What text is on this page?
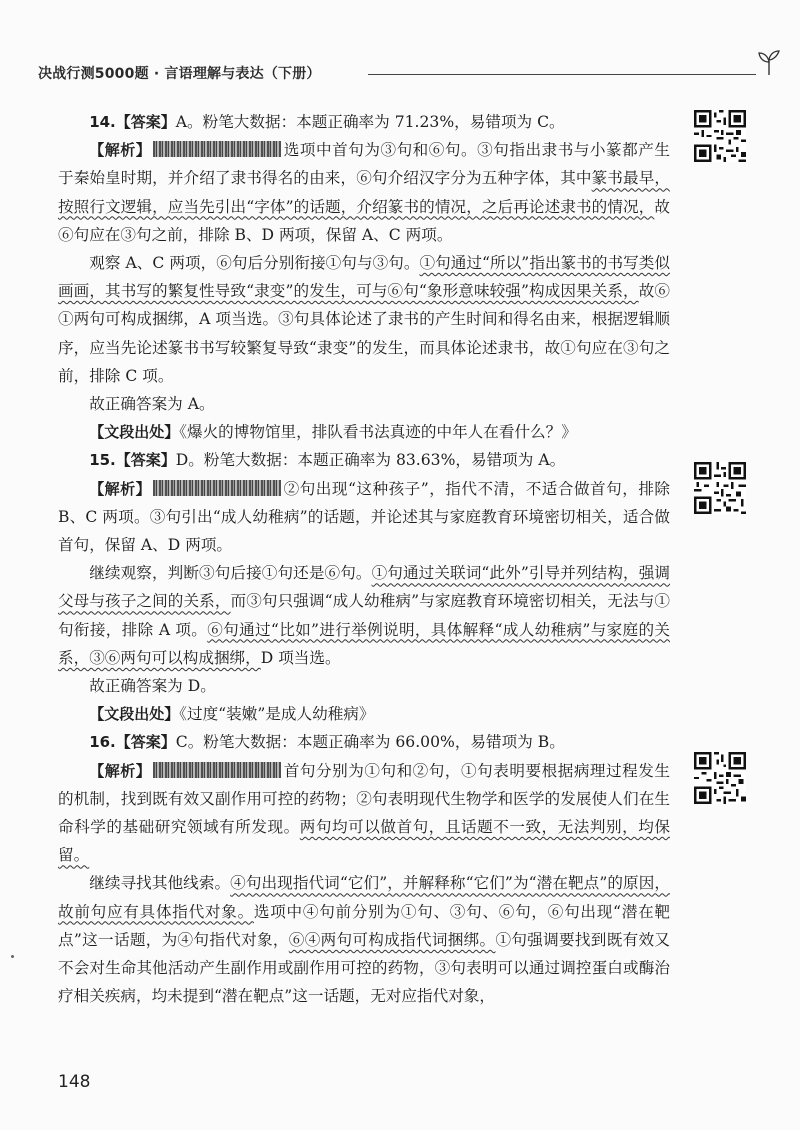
决战行测5000题 · 言语理解与表达（下册）

14.【答案】A。粉笔大数据：本题正确率为 71.23%，易错项为 C。

【解析】	选项中首句为③句和⑥句。③句指出隶书与小篆都产生于秦始皇时期，并介绍了隶书得名的由来，⑥句介绍汉字分为五种字体，其中篆书最早，按照行文逻辑，应当先引出“字体”的话题，介绍篆书的情况，之后再论述隶书的情况，故⑥句应在③句之前，排除 B、D 两项，保留 A、C 两项。

观察 A、C 两项，⑥句后分别衔接①句与③句。①句通过“所以”指出篆书的书写类似画画，其书写的繁复性导致“隶变”的发生，可与⑥句“象形意味较强”构成因果关系，故⑥①两句可构成捆绑，A 项当选。③句具体论述了隶书的产生时间和得名由来，根据逻辑顺序，应当先论述篆书书写较繁复导致“隶变”的发生，而具体论述隶书，故①句应在③句之前，排除 C 项。

故正确答案为 A。

【文段出处】《爆火的博物馆里，排队看书法真迹的中年人在看什么？》

15.【答案】D。粉笔大数据：本题正确率为 83.63%，易错项为 A。

【解析】	②句出现“这种孩子”，指代不清，不适合做首句，排除 B、C 两项。③句引出“成人幼稚病”的话题，并论述其与家庭教育环境密切相关，适合做首句，保留 A、D 两项。

继续观察，判断③句后接①句还是⑥句。①句通过关联词“此外”引导并列结构，强调父母与孩子之间的关系，而③句只强调“成人幼稚病”与家庭教育环境密切相关，无法与①句衔接，排除 A 项。⑥句通过“比如”进行举例说明，具体解释“成人幼稚病”与家庭的关系，③⑥两句可以构成捆绑，D 项当选。

故正确答案为 D。

【文段出处】《过度“装嫩”是成人幼稚病》

16.【答案】C。粉笔大数据：本题正确率为 66.00%，易错项为 B。

【解析】	首句分别为①句和②句，①句表明要根据病理过程发生的机制，找到既有效又副作用可控的药物；②句表明现代生物学和医学的发展使人们在生命科学的基础研究领域有所发现。两句均可以做首句，且话题不一致，无法判别，均保留。

继续寻找其他线索。④句出现指代词“它们”，并解释称“它们”为“潜在靶点”的原因，故前句应有具体指代对象。选项中④句前分别为①句、③句、⑥句，⑥句出现“潜在靶点”这一话题，为④句指代对象，⑥④两句可构成指代词捆绑。①句强调要找到既有效又不会对生命其他活动产生副作用或副作用可控的药物，③句表明可以通过调控蛋白或酶治疗相关疾病，均未提到“潜在靶点”这一话题，无对应指代对象，

148
